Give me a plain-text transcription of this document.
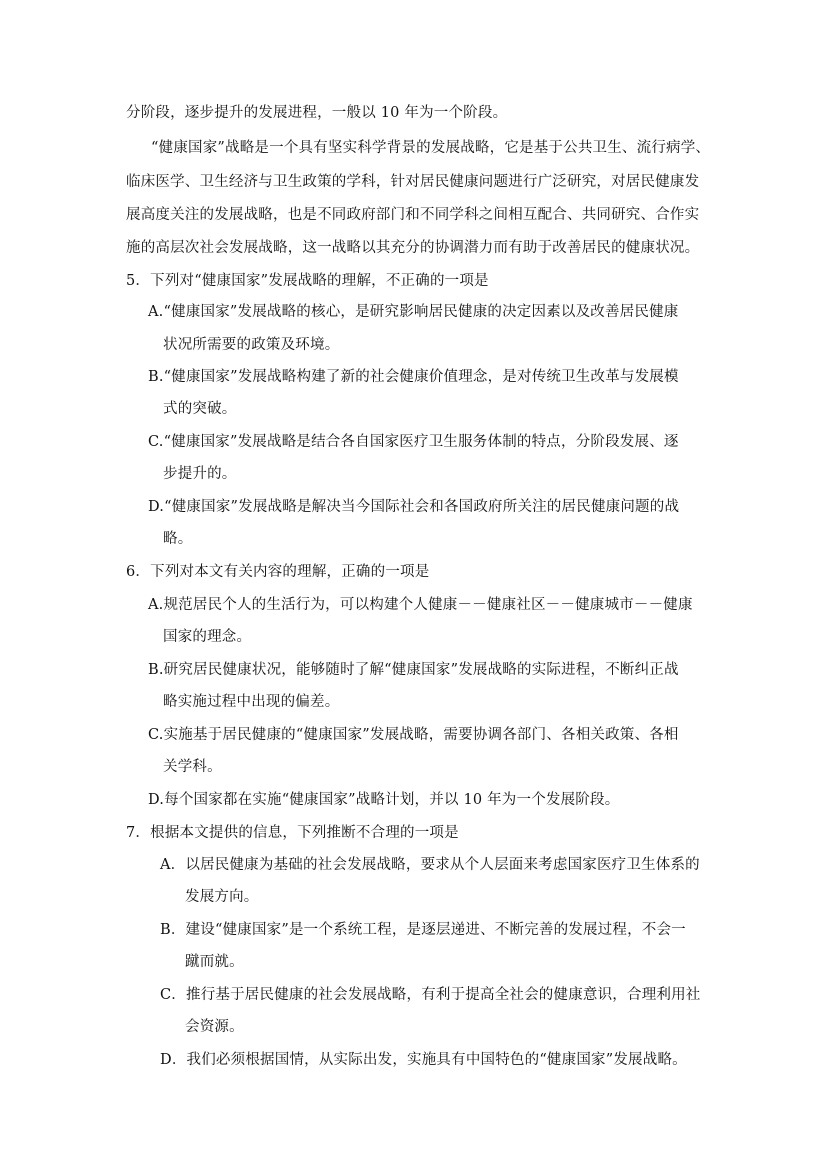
分阶段，逐步提升的发展进程，一般以 10 年为一个阶段。
“健康国家”战略是一个具有坚实科学背景的发展战略，它是基于公共卫生、流行病学、
临床医学、卫生经济与卫生政策的学科，针对居民健康问题进行广泛研究，对居民健康发
展高度关注的发展战略，也是不同政府部门和不同学科之间相互配合、共同研究、合作实
施的高层次社会发展战略，这一战略以其充分的协调潜力而有助于改善居民的健康状况。
5．下列对“健康国家”发展战略的理解，不正确的一项是
A.“健康国家”发展战略的核心，是研究影响居民健康的决定因素以及改善居民健康
状况所需要的政策及环境。
B.“健康国家”发展战略构建了新的社会健康价值理念，是对传统卫生改革与发展模
式的突破。
C.“健康国家”发展战略是结合各自国家医疗卫生服务体制的特点，分阶段发展、逐
步提升的。
D.“健康国家”发展战略是解决当今国际社会和各国政府所关注的居民健康问题的战
略。
6．下列对本文有关内容的理解，正确的一项是
A.规范居民个人的生活行为，可以构建个人健康－－健康社区－－健康城市－－健康
国家的理念。
B.研究居民健康状况，能够随时了解“健康国家”发展战略的实际进程，不断纠正战
略实施过程中出现的偏差。
C.实施基于居民健康的“健康国家”发展战略，需要协调各部门、各相关政策、各相
关学科。
D.每个国家都在实施“健康国家”战略计划，并以 10 年为一个发展阶段。
7．根据本文提供的信息，下列推断不合理的一项是
A．以居民健康为基础的社会发展战略，要求从个人层面来考虑国家医疗卫生体系的
发展方向。
B．建设“健康国家”是一个系统工程，是逐层递进、不断完善的发展过程，不会一
蹴而就。
C．推行基于居民健康的社会发展战略，有利于提高全社会的健康意识，合理利用社
会资源。
D．我们必须根据国情，从实际出发，实施具有中国特色的“健康国家”发展战略。
